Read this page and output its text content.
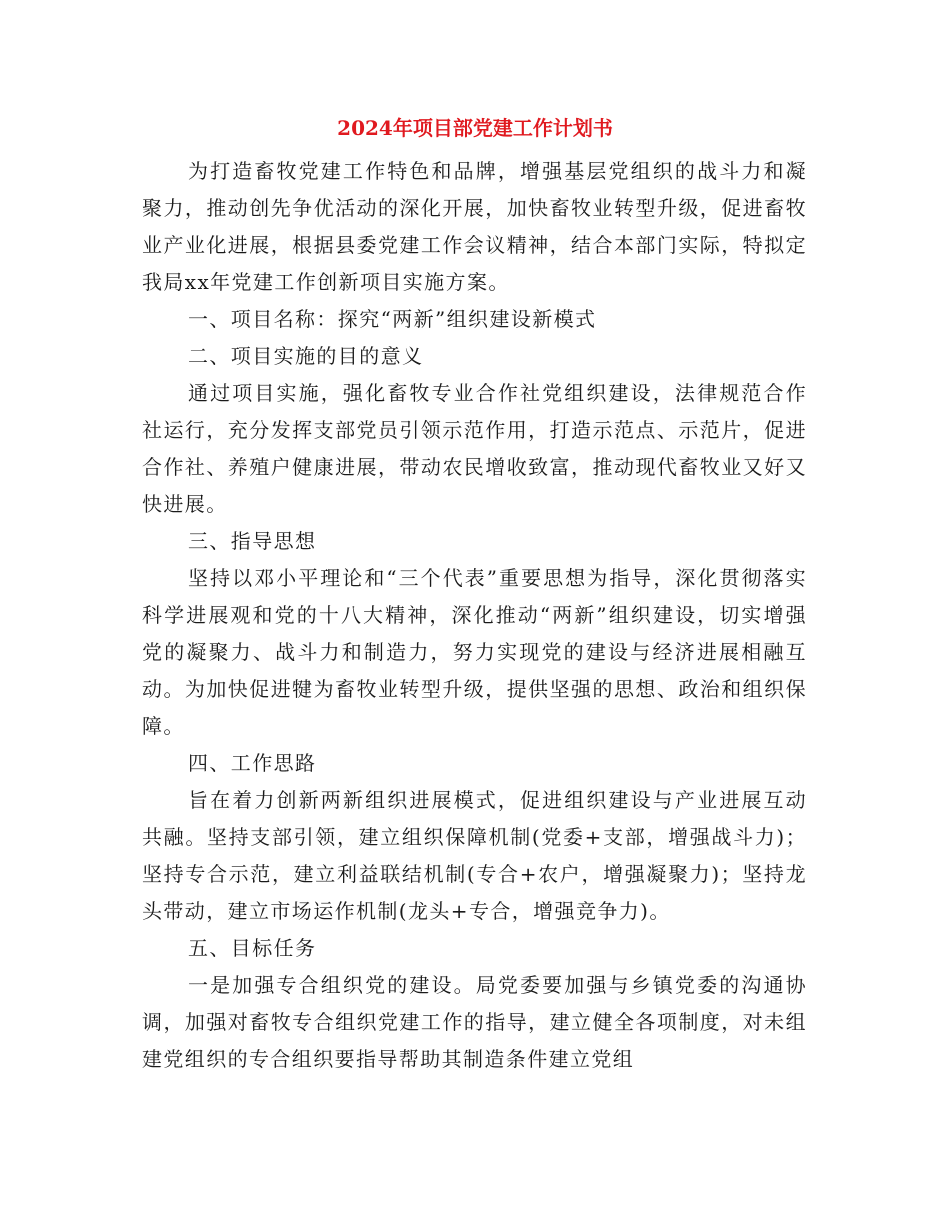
2024年项目部党建工作计划书

为打造畜牧党建工作特色和品牌，增强基层党组织的战斗力和凝聚力，推动创先争优活动的深化开展，加快畜牧业转型升级，促进畜牧业产业化进展，根据县委党建工作会议精神，结合本部门实际，特拟定我局xx年党建工作创新项目实施方案。

一、项目名称：探究“两新”组织建设新模式

二、项目实施的目的意义

通过项目实施，强化畜牧专业合作社党组织建设，法律规范合作社运行，充分发挥支部党员引领示范作用，打造示范点、示范片，促进合作社、养殖户健康进展，带动农民增收致富，推动现代畜牧业又好又快进展。

三、指导思想

坚持以邓小平理论和“三个代表”重要思想为指导，深化贯彻落实科学进展观和党的十八大精神，深化推动“两新”组织建设，切实增强党的凝聚力、战斗力和制造力，努力实现党的建设与经济进展相融互动。为加快促进犍为畜牧业转型升级，提供坚强的思想、政治和组织保障。

四、工作思路

旨在着力创新两新组织进展模式，促进组织建设与产业进展互动共融。坚持支部引领，建立组织保障机制(党委+支部，增强战斗力)；坚持专合示范，建立利益联结机制(专合+农户，增强凝聚力)；坚持龙头带动，建立市场运作机制(龙头+专合，增强竞争力)。

五、目标任务

一是加强专合组织党的建设。局党委要加强与乡镇党委的沟通协调，加强对畜牧专合组织党建工作的指导，建立健全各项制度，对未组建党组织的专合组织要指导帮助其制造条件建立党组
